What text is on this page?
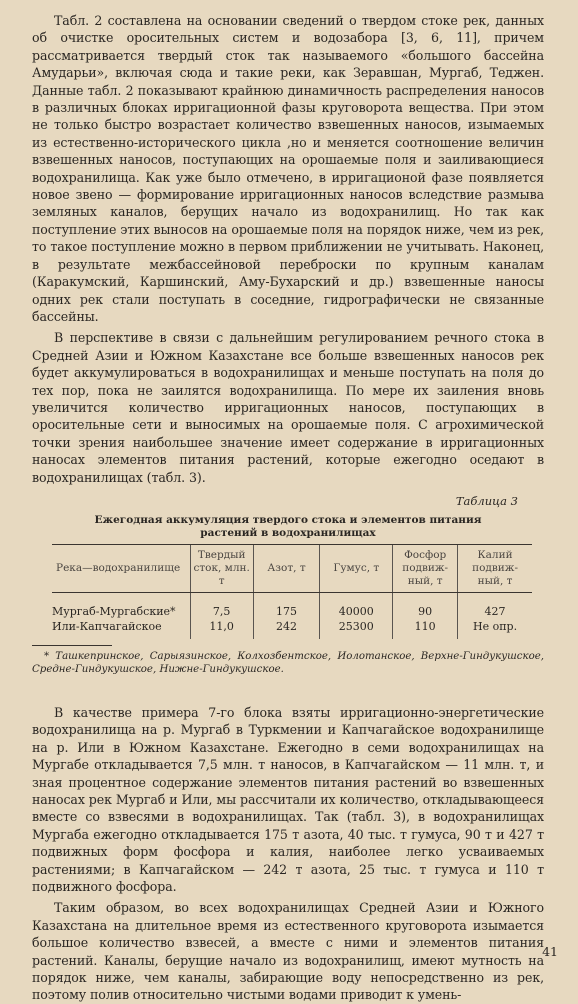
Табл. 2 составлена на основании сведений о твердом стоке рек, данных об очистке оросительных систем и водозабора [3, 6, 11], причем рассматривается твердый сток так называемого «большого бассейна Амударьи», включая сюда и такие реки, как Зеравшан, Мургаб, Теджен. Данные табл. 2 показывают крайнюю динамичность распределения наносов в различных блоках ирригационной фазы круговорота вещества. При этом не только быстро возрастает количество взвешенных наносов, изымаемых из естественно-исторического цикла ,но и меняется соотношение величин взвешенных наносов, поступающих на орошаемые поля и заиливающиеся водохранилища. Как уже было отмечено, в ирригационой фазе появляется новое звено — формирование ирригационных наносов вследствие размыва земляных каналов, берущих начало из водохранилищ. Но так как поступление этих выносов на орошаемые поля на порядок ниже, чем из рек, то такое поступление можно в первом приближении не учитывать. Наконец, в результате межбассейновой переброски по крупным каналам (Каракумский, Каршинский, Аму-Бухарский и др.) взвешенные наносы одних рек стали поступать в соседние, гидрографически не связанные бассейны.

В перспективе в связи с дальнейшим регулированием речного стока в Средней Азии и Южном Казахстане все больше взвешенных наносов рек будет аккумулироваться в водохранилищах и меньше поступать на поля до тех пор, пока не заилятся водохранилища. По мере их заиления вновь увеличится количество ирригационных наносов, поступающих в оросительные сети и выносимых на орошаемые поля. С агрохимической точки зрения наибольшее значение имеет содержание в ирригационных наносах элементов питания растений, которые ежегодно оседают в водохранилищах (табл. 3).

Таблица 3
Ежегодная аккумуляция твердого стока и элементов питания растений в водохранилищах
Река—водохранилище	Твердый сток, млн. т	Азот, т	Гумус, т	Фосфор подвиж-ный, т	Калий подвиж-ный, т
Мургаб-Мургабские*	7,5	175	40000	90	427
Или-Капчагайское	11,0	242	25300	110	Не опр.

* Ташкепринское, Сарыязинское, Колхозбентское, Иолотанское, Верхне-Гиндукушское, Средне-Гиндукушское, Нижне-Гиндукушское.

В качестве примера 7-го блока взяты ирригационно-энергетические водохранилища на р. Мургаб в Туркмении и Капчагайское водохранилище на р. Или в Южном Казахстане. Ежегодно в семи водохранилищах на Мургабе откладывается 7,5 млн. т наносов, в Капчагайском — 11 млн. т, и зная процентное содержание элементов питания растений во взвешенных наносах рек Мургаб и Или, мы рассчитали их количество, откладывающееся вместе со взвесями в водохранилищах. Так (табл. 3), в водохранилищах Мургаба ежегодно откладывается 175 т азота, 40 тыс. т гумуса, 90 т и 427 т подвижных форм фосфора и калия, наиболее легко усваиваемых растениями; в Капчагайском — 242 т азота, 25 тыс. т гумуса и 110 т подвижного фосфора.

Таким образом, во всех водохранилищах Средней Азии и Южного Казахстана на длительное время из естественного круговорота изымается большое количество взвесей, а вместе с ними и элементов питания растений. Каналы, берущие начало из водохранилищ, имеют мутность на порядок ниже, чем каналы, забирающие воду непосредственно из рек, поэтому полив относительно чистыми водами приводит к умень-

41
